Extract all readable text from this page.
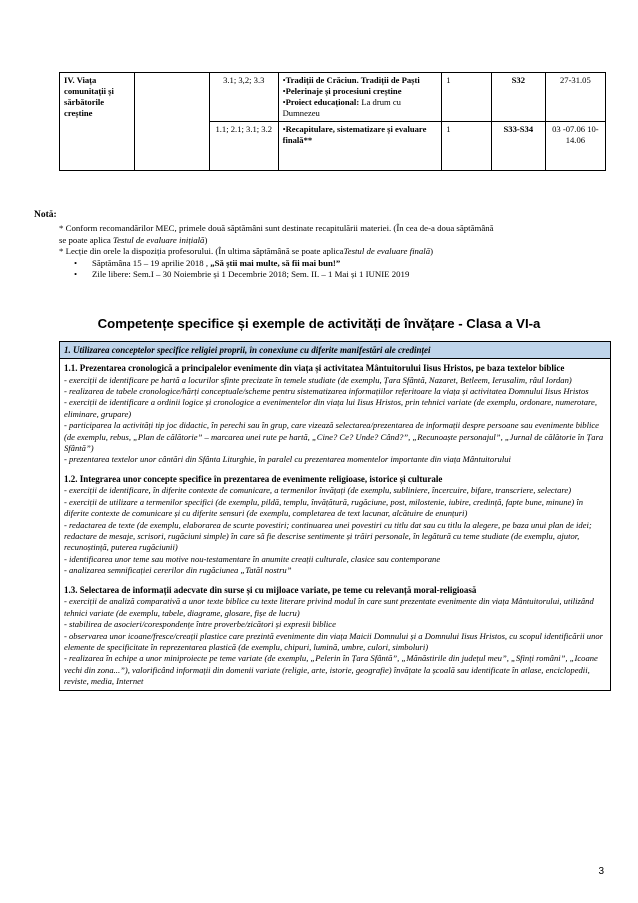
IV. Viața comunitații și sărbătorile creștine		3.1; 3,2; 3.3	•Tradiții de Crăciun. Tradiții de Paști
•Pelerinaje și procesiuni creștine
•Proiect educațional: La drum cu Dumnezeu	1	S32	27-31.05
		1.1; 2.1; 3.1; 3.2	•Recapitulare, sistematizare și evaluare finală**	1	S33-S34	03 -07.06 10-14.06
Notă:
* Conform recomandărilor MEC, primele două săptămâni sunt destinate recapitulării materiei. (În cea de-a doua săptămână
se poate aplica Testul de evaluare inițială)
* Lecție din orele la dispoziția profesorului. (În ultima săptămână se poate aplicaTestul de evaluare finală)
• Săptămâna 15 – 19 aprilie 2018 , „Să știi mai multe, să fii mai bun!”
• Zile libere: Sem.I – 30 Noiembrie și 1 Decembrie 2018; Sem. II. – 1 Mai și 1 IUNIE 2019
Competențe specifice și exemple de activități de învățare - Clasa a VI-a
1. Utilizarea conceptelor specifice religiei proprii, în conexiune cu diferite manifestări ale credinței
1.1. Prezentarea cronologică a principalelor evenimente din viața și activitatea Mântuitorului Iisus Hristos, pe baza textelor biblice
- exerciții de identificare pe hartă a locurilor sfinte precizate în temele studiate (de exemplu, Țara Sfântă, Nazaret, Betleem, Ierusalim, râul Iordan)
- realizarea de tabele cronologice/hărți conceptuale/scheme pentru sistematizarea informațiilor referitoare la viața și activitatea Domnului Iisus Hristos
- exerciții de identificare a ordinii logice și cronologice a evenimentelor din viața lui Iisus Hristos, prin tehnici variate (de exemplu, ordonare, numerotare, eliminare, grupare)
- participarea la activități tip joc didactic, în perechi sau în grup, care vizează selectarea/prezentarea de informații despre persoane sau evenimente biblice (de exemplu, rebus, „Plan de călătorie” – marcarea unei rute pe hartă, „Cine? Ce? Unde? Când?”, „Recunoaște personajul”, „Jurnal de călătorie în Țara Sfântă”)
- prezentarea textelor unor cântări din Sfânta Liturghie, în paralel cu prezentarea momentelor importante din viața Mântuitorului
1.2. Integrarea unor concepte specifice în prezentarea de evenimente religioase, istorice și culturale
- exerciții de identificare, în diferite contexte de comunicare, a termenilor învățați (de exemplu, subliniere, încercuire, bifare, transcriere, selectare)
- exerciții de utilizare a termenilor specifici (de exemplu, pildă, templu, învățătură, rugăciune, post, milostenie, iubire, credință, fapte bune, minune) în diferite contexte de comunicare și cu diferite sensuri (de exemplu, completarea de text lacunar, alcătuire de enunțuri)
- redactarea de texte (de exemplu, elaborarea de scurte povestiri; continuarea unei povestiri cu titlu dat sau cu titlu la alegere, pe baza unui plan de idei; redactare de mesaje, scrisori, rugăciuni simple) în care să fie descrise sentimente și trăiri personale, în legătură cu teme studiate (de exemplu, ajutor, recunoștință, puterea rugăciunii)
- identificarea unor teme sau motive nou-testamentare în anumite creații culturale, clasice sau contemporane
- analizarea semnificației cererilor din rugăciunea „Tatăl nostru”
1.3. Selectarea de informații adecvate din surse și cu mijloace variate, pe teme cu relevanță moral-religioasă
- exerciții de analiză comparativă a unor texte biblice cu texte literare privind modul în care sunt prezentate evenimente din viața Mântuitorului, utilizând tehnici variate (de exemplu, tabele, diagrame, glosare, fișe de lucru)
- stabilirea de asocieri/corespondențe între proverbe/zicători și expresii biblice
- observarea unor icoane/fresce/creații plastice care prezintă evenimente din viața Maicii Domnului și a Domnului Iisus Hristos, cu scopul identificării unor elemente de specificitate în reprezentarea plastică (de exemplu, chipuri, lumină, umbre, culori, simboluri)
- realizarea în echipe a unor miniproiecte pe teme variate (de exemplu, „Pelerin în Țara Sfântă”, „Mănăstirile din județul meu”, „Sfinți români”, „Icoane vechi din zona...”), valorificând informații din domenii variate (religie, arte, istorie, geografie) învățate la școală sau identificate în atlase, enciclopedii, reviste, media, Internet
3
